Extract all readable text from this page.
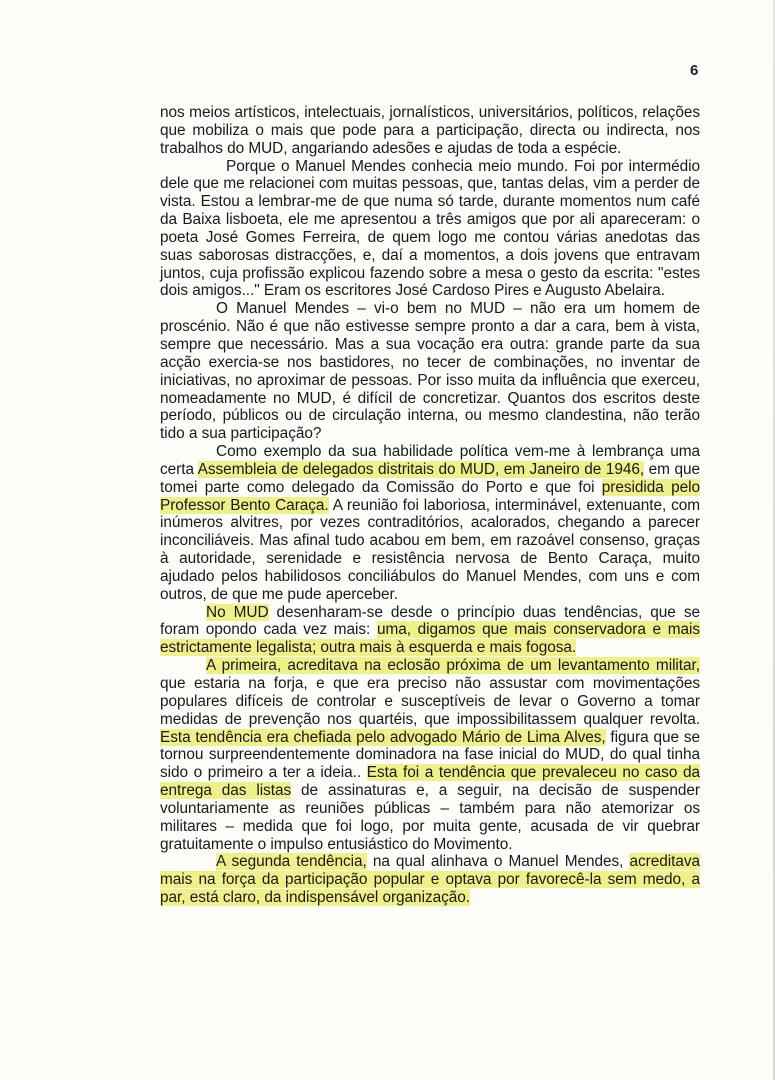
6

nos meios artísticos, intelectuais, jornalísticos, universitários, políticos, relações que mobiliza o mais que pode para a participação, directa ou indirecta, nos trabalhos do MUD, angariando adesões e ajudas de toda a espécie.

Porque o Manuel Mendes conhecia meio mundo. Foi por intermédio dele que me relacionei com muitas pessoas, que, tantas delas, vim a perder de vista. Estou a lembrar-me de que numa só tarde, durante momentos num café da Baixa lisboeta, ele me apresentou a três amigos que por ali apareceram: o poeta José Gomes Ferreira, de quem logo me contou várias anedotas das suas saborosas distracções, e, daí a momentos, a dois jovens que entravam juntos, cuja profissão explicou fazendo sobre a mesa o gesto da escrita: "estes dois amigos..." Eram os escritores José Cardoso Pires e Augusto Abelaira.

O Manuel Mendes – vi-o bem no MUD – não era um homem de proscénio. Não é que não estivesse sempre pronto a dar a cara, bem à vista, sempre que necessário. Mas a sua vocação era outra: grande parte da sua acção exercia-se nos bastidores, no tecer de combinações, no inventar de iniciativas, no aproximar de pessoas. Por isso muita da influência que exerceu, nomeadamente no MUD, é difícil de concretizar. Quantos dos escritos deste período, públicos ou de circulação interna, ou mesmo clandestina, não terão tido a sua participação?

Como exemplo da sua habilidade política vem-me à lembrança uma certa Assembleia de delegados distritais do MUD, em Janeiro de 1946, em que tomei parte como delegado da Comissão do Porto e que foi presidida pelo Professor Bento Caraça. A reunião foi laboriosa, interminável, extenuante, com inúmeros alvitres, por vezes contraditórios, acalorados, chegando a parecer inconciliáveis. Mas afinal tudo acabou em bem, em razoável consenso, graças à autoridade, serenidade e resistência nervosa de Bento Caraça, muito ajudado pelos habilidosos conciliábulos do Manuel Mendes, com uns e com outros, de que me pude aperceber.

No MUD desenharam-se desde o princípio duas tendências, que se foram opondo cada vez mais: uma, digamos que mais conservadora e mais estrictamente legalista; outra mais à esquerda e mais fogosa.

A primeira, acreditava na eclosão próxima de um levantamento militar, que estaria na forja, e que era preciso não assustar com movimentações populares difíceis de controlar e susceptíveis de levar o Governo a tomar medidas de prevenção nos quartéis, que impossibilitassem qualquer revolta. Esta tendência era chefiada pelo advogado Mário de Lima Alves, figura que se tornou surpreendentemente dominadora na fase inicial do MUD, do qual tinha sido o primeiro a ter a ideia.. Esta foi a tendência que prevaleceu no caso da entrega das listas de assinaturas e, a seguir, na decisão de suspender voluntariamente as reuniões públicas – também para não atemorizar os militares – medida que foi logo, por muita gente, acusada de vir quebrar gratuitamente o impulso entusiástico do Movimento.

A segunda tendência, na qual alinhava o Manuel Mendes, acreditava mais na força da participação popular e optava por favorecê-la sem medo, a par, está claro, da indispensável organização.
